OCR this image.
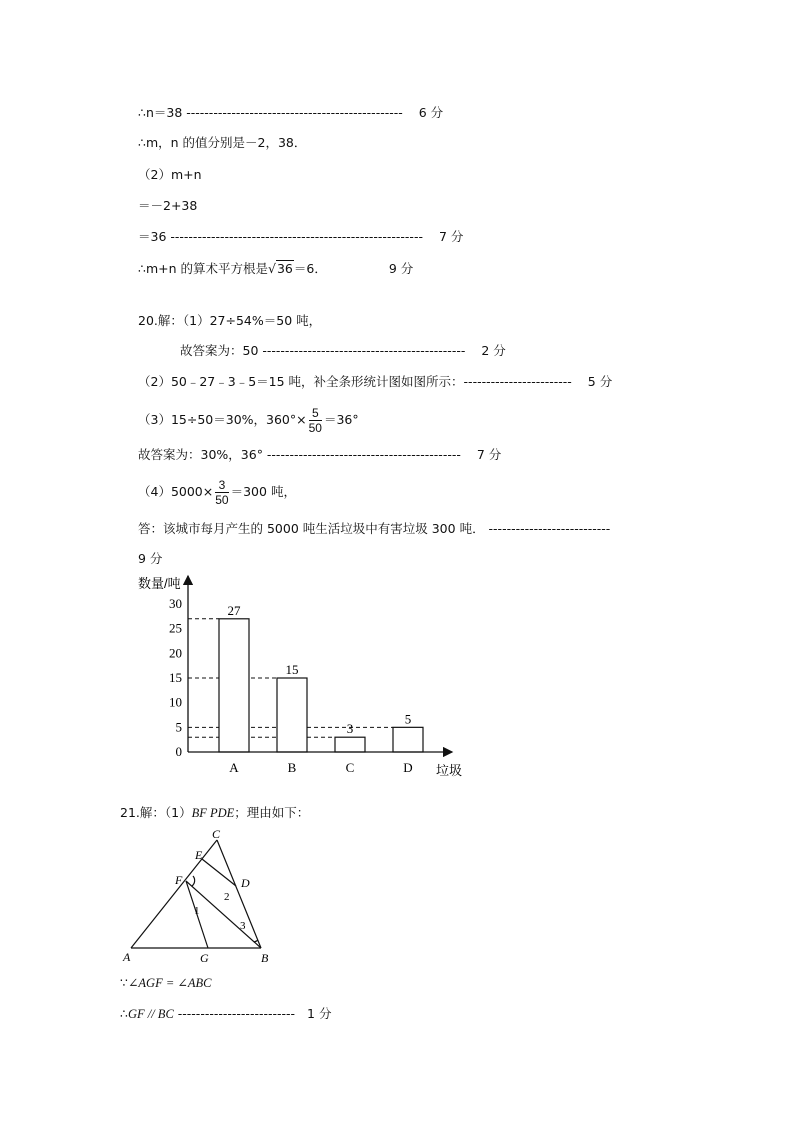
∴n＝38 ------------------------------------------------ 6 分
∴m，n 的值分别是－2，38．
（2）m+n
＝－2+38
＝36 -------------------------------------------------------- 7 分
∴m+n 的算术平方根是√36＝6．	9 分
20.解：（1）27÷54%＝50 吨，
故答案为：50 --------------------------------------------- 2 分
（2）50﹣27﹣3﹣5＝15 吨，补全条形统计图如图所示：------------------------ 5 分
（3）15÷50＝30%，$360^\circ\times \frac{5}{50} =36^\circ$
故答案为：30%，36° ------------------------------------------- 7 分
$(4)5000\times \frac{3}{50} =300$ 吨，
答：该城市每月产生的 5000 吨生活垃圾中有害垃圾 300 吨． ---------------------------
9 分
数量/吨
垃圾
0
5
10
15
20
25
30
A	B	C	D
27
15
3
5
21.解：（1）BF PDE；理由如下：
C
E
D
F
A	G	B
1
2
3
∵∠AGF = ∠ABC
∴GF // BC -------------------------- 1 分
